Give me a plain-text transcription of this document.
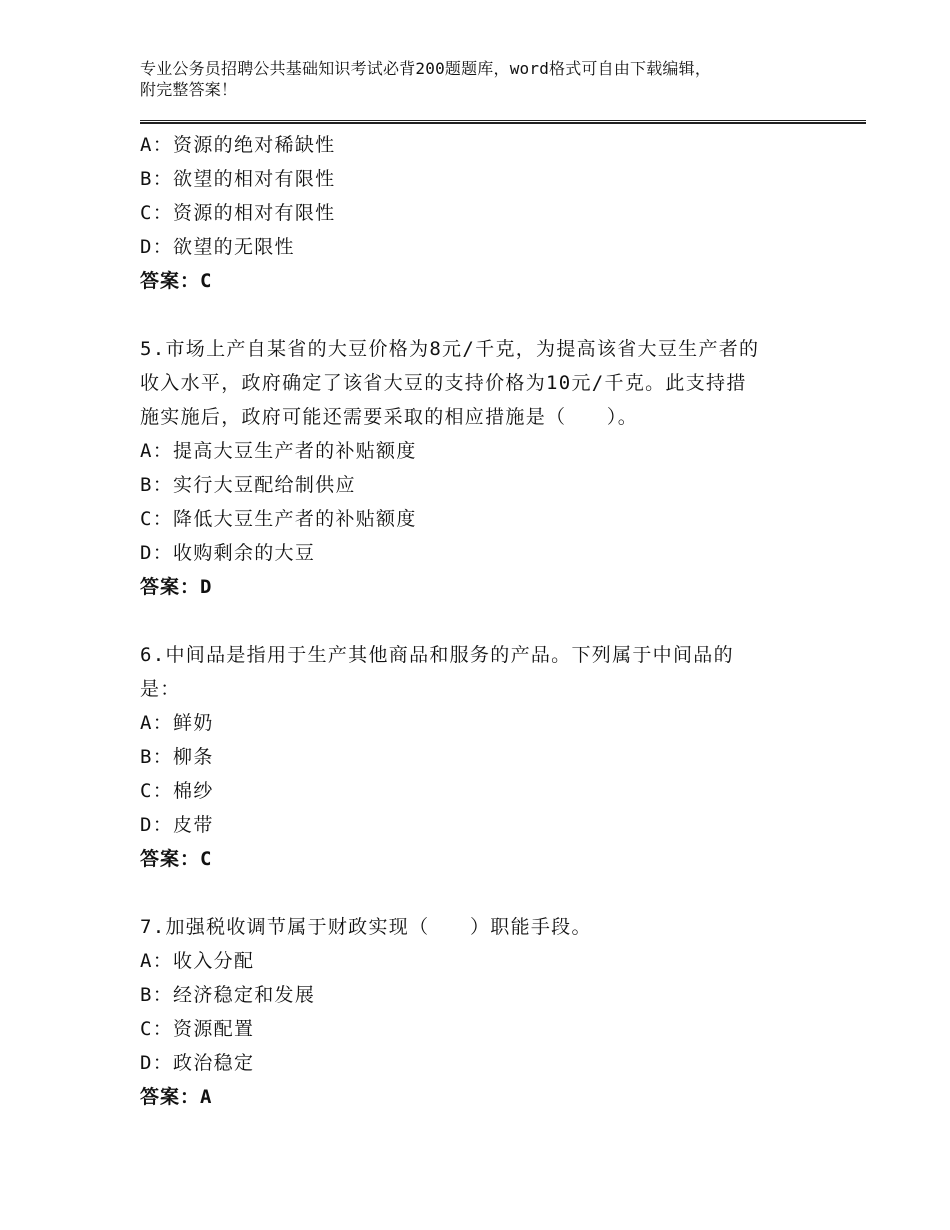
专业公务员招聘公共基础知识考试必背200题题库，word格式可自由下载编辑，
附完整答案！
A：资源的绝对稀缺性
B：欲望的相对有限性
C：资源的相对有限性
D：欲望的无限性
答案：C
5.市场上产自某省的大豆价格为8元/千克，为提高该省大豆生产者的
收入水平，政府确定了该省大豆的支持价格为10元/千克。此支持措
施实施后，政府可能还需要采取的相应措施是（　　）。
A：提高大豆生产者的补贴额度
B：实行大豆配给制供应
C：降低大豆生产者的补贴额度
D：收购剩余的大豆
答案：D
6.中间品是指用于生产其他商品和服务的产品。下列属于中间品的
是：
A：鲜奶
B：柳条
C：棉纱
D：皮带
答案：C
7.加强税收调节属于财政实现（　　）职能手段。
A：收入分配
B：经济稳定和发展
C：资源配置
D：政治稳定
答案：A
